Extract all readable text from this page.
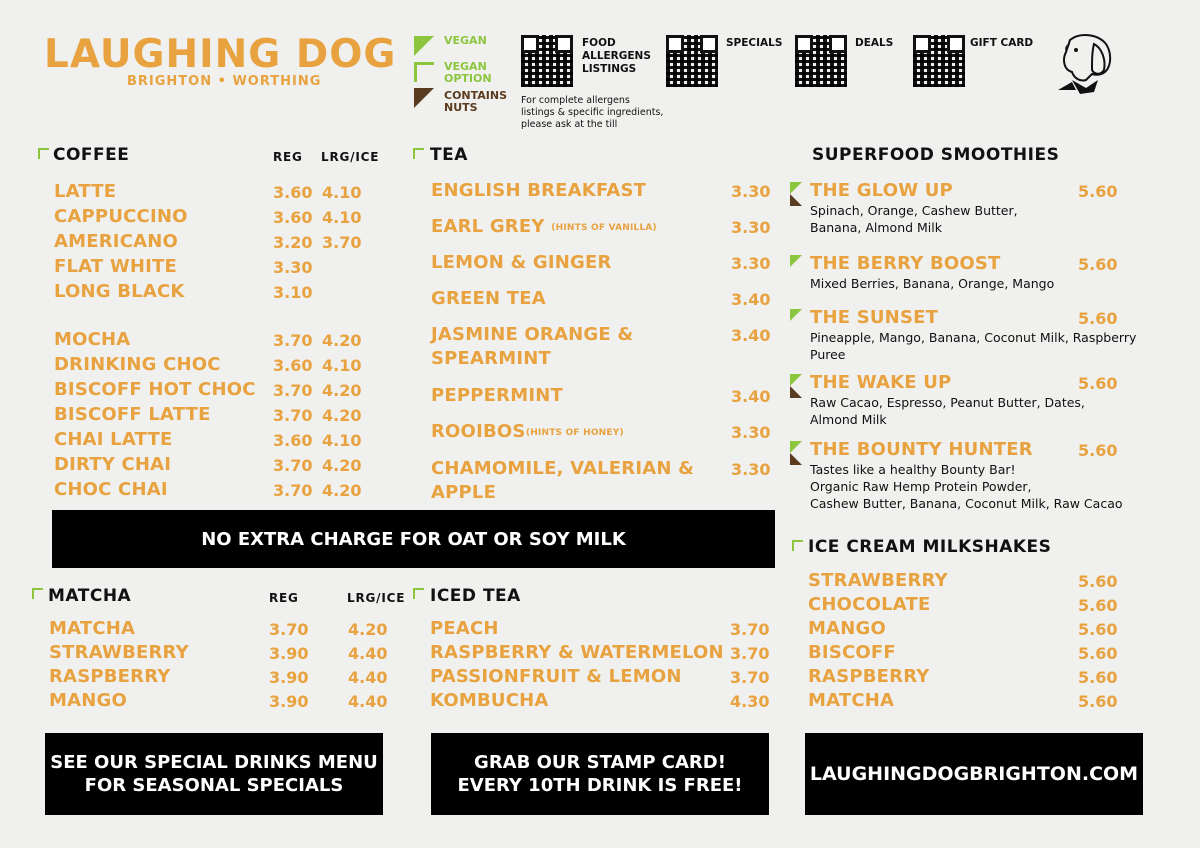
LAUGHING DOG
BRIGHTON • WORTHING
VEGAN
VEGAN
OPTION
CONTAINS
NUTS
FOOD
ALLERGENS
LISTINGS
For complete allergens
listings & specific ingredients,
please ask at the till
SPECIALS	DEALS	GIFT CARD
COFFEE	REG LRG/ICE
LATTE	3.60 4.10
CAPPUCCINO	3.60 4.10
AMERICANO	3.20 3.70
FLAT WHITE	3.30
LONG BLACK	3.10
MOCHA	3.70 4.20
DRINKING CHOC	3.60 4.10
BISCOFF HOT CHOC 3.70 4.20
BISCOFF LATTE	3.70 4.20
CHAI LATTE	3.60 4.10
DIRTY CHAI	3.70 4.20
CHOC CHAI	3.70 4.20
TEA
ENGLISH BREAKFAST	3.30
EARL GREY (HINTS OF VANILLA)	3.30
LEMON & GINGER	3.30
GREEN TEA	3.40
JASMINE ORANGE &
SPEARMINT
3.40
PEPPERMINT	3.40
ROOIBOS (HINTS OF HONEY)	3.30
CHAMOMILE, VALERIAN &
APPLE
3.30
SUPERFOOD SMOOTHIES
THE GLOW UP	5.60
Spinach, Orange, Cashew Butter,
Banana, Almond Milk
THE BERRY BOOST	5.60
Mixed Berries, Banana, Orange, Mango
THE SUNSET	5.60
Pineapple, Mango, Banana, Coconut Milk, Raspberry
Puree
THE WAKE UP	5.60
Raw Cacao, Espresso, Peanut Butter, Dates,
Almond Milk
THE BOUNTY HUNTER	5.60
Tastes like a healthy Bounty Bar!
Organic Raw Hemp Protein Powder,
Cashew Butter, Banana, Coconut Milk, Raw Cacao
NO EXTRA CHARGE FOR OAT OR SOY MILK
MATCHA	REG	LRG/ICE
MATCHA	3.70 4.20
STRAWBERRY	3.90 4.40
RASPBERRY	3.90 4.40
MANGO	3.90 4.40
ICED TEA
PEACH	3.70
RASPBERRY & WATERMELON 3.70
PASSIONFRUIT & LEMON	3.70
KOMBUCHA	4.30
ICE CREAM MILKSHAKES
STRAWBERRY	5.60
CHOCOLATE	5.60
MANGO	5.60
BISCOFF	5.60
RASPBERRY	5.60
MATCHA	5.60
SEE OUR SPECIAL DRINKS MENU
FOR SEASONAL SPECIALS
GRAB OUR STAMP CARD!
EVERY 10TH DRINK IS FREE!
LAUGHINGDOGBRIGHTON.COM
